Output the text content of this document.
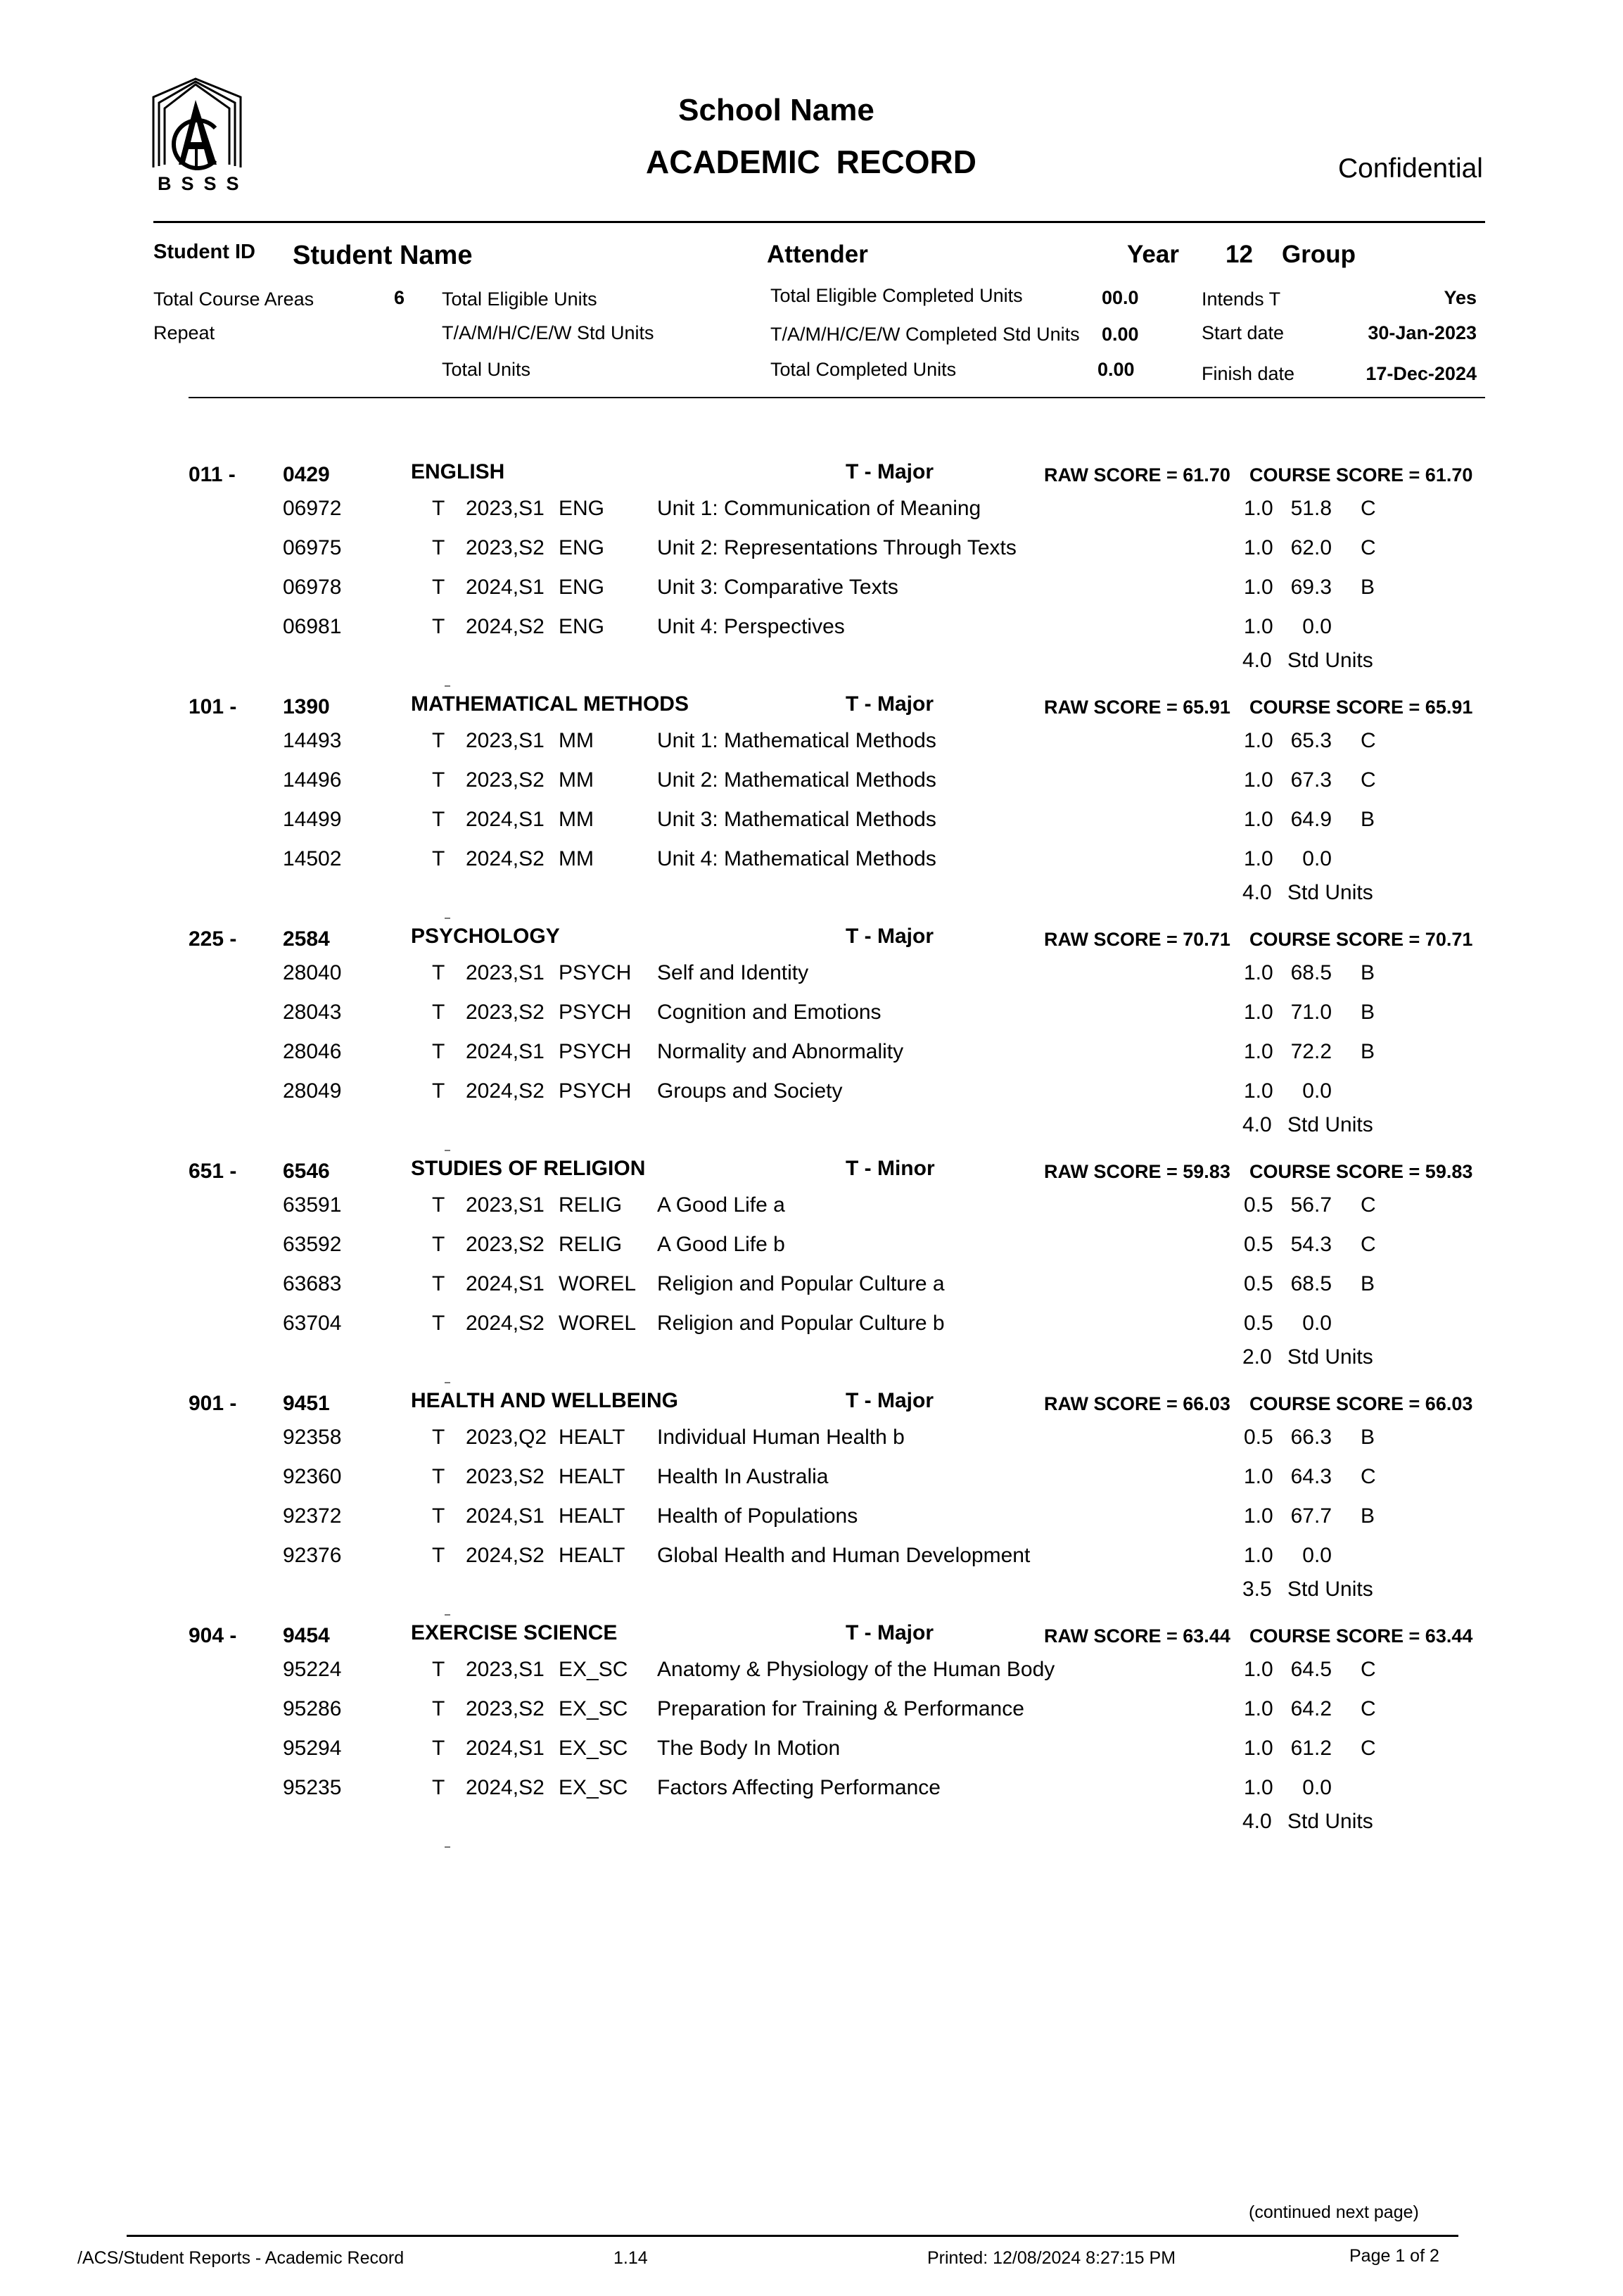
BSSS
School Name
ACADEMIC RECORD	Confidential
Student ID Student Name	Attender	Year 12 Group
Total Course Areas	6
Repeat
Total Eligible Units
T/A/M/H/C/E/W Std Units
Total Units
Total Eligible Completed Units	00.0
T/A/M/H/C/E/W Completed Std Units 0.00
Total Completed Units	0.00
Intends T	Yes
Start date	30-Jan-2023
Finish date	17-Dec-2024
011 - 0429	ENGLISH	T - Major	RAW SCORE = 61.70 COURSE SCORE = 61.70
06972	T 2023,S1 ENG Unit 1: Communication of Meaning	1.0 51.8 C
06975	T 2023,S2 ENG Unit 2: Representations Through Texts	1.0 62.0 C
06978	T 2024,S1 ENG Unit 3: Comparative Texts	1.0 69.3 B
06981	T 2024,S2 ENG Unit 4: Perspectives	1.0 0.0
4.0 Std Units
101 - 1390	MATHEMATICAL METHODS	T - Major	RAW SCORE = 65.91 COURSE SCORE = 65.91
14493	T 2023,S1 MM	Unit 1: Mathematical Methods	1.0 65.3 C
14496	T 2023,S2 MM	Unit 2: Mathematical Methods	1.0 67.3 C
14499	T 2024,S1 MM	Unit 3: Mathematical Methods	1.0 64.9 B
14502	T 2024,S2 MM	Unit 4: Mathematical Methods	1.0 0.0
4.0 Std Units
225 - 2584	PSYCHOLOGY	T - Major	RAW SCORE = 70.71 COURSE SCORE = 70.71
28040	T 2023,S1 PSYCH Self and Identity	1.0 68.5 B
28043	T 2023,S2 PSYCH Cognition and Emotions	1.0 71.0 B
28046	T 2024,S1 PSYCH Normality and Abnormality	1.0 72.2 B
28049	T 2024,S2 PSYCH Groups and Society	1.0 0.0
4.0 Std Units
651 - 6546	STUDIES OF RELIGION	T - Minor	RAW SCORE = 59.83 COURSE SCORE = 59.83
63591	T 2023,S1 RELIG A Good Life a	0.5 56.7 C
63592	T 2023,S2 RELIG A Good Life b	0.5 54.3 C
63683	T 2024,S1 WOREL Religion and Popular Culture a	0.5 68.5 B
63704	T 2024,S2 WOREL Religion and Popular Culture b	0.5 0.0
2.0 Std Units
901 - 9451	HEALTH AND WELLBEING	T - Major	RAW SCORE = 66.03 COURSE SCORE = 66.03
92358	T 2023,Q2 HEALT Individual Human Health b	0.5 66.3 B
92360	T 2023,S2 HEALT Health In Australia	1.0 64.3 C
92372	T 2024,S1 HEALT Health of Populations	1.0 67.7 B
92376	T 2024,S2 HEALT Global Health and Human Development	1.0 0.0
3.5 Std Units
904 - 9454	EXERCISE SCIENCE	T - Major	RAW SCORE = 63.44 COURSE SCORE = 63.44
95224	T 2023,S1 EX_SC Anatomy & Physiology of the Human Body	1.0 64.5 C
95286	T 2023,S2 EX_SC Preparation for Training & Performance	1.0 64.2 C
95294	T 2024,S1 EX_SC The Body In Motion	1.0 61.2 C
95235	T 2024,S2 EX_SC Factors Affecting Performance	1.0 0.0
4.0 Std Units
(continued next page)
/ACS/Student Reports - Academic Record	1.14	Printed: 12/08/2024 8:27:15 PM	Page 1 of 2
